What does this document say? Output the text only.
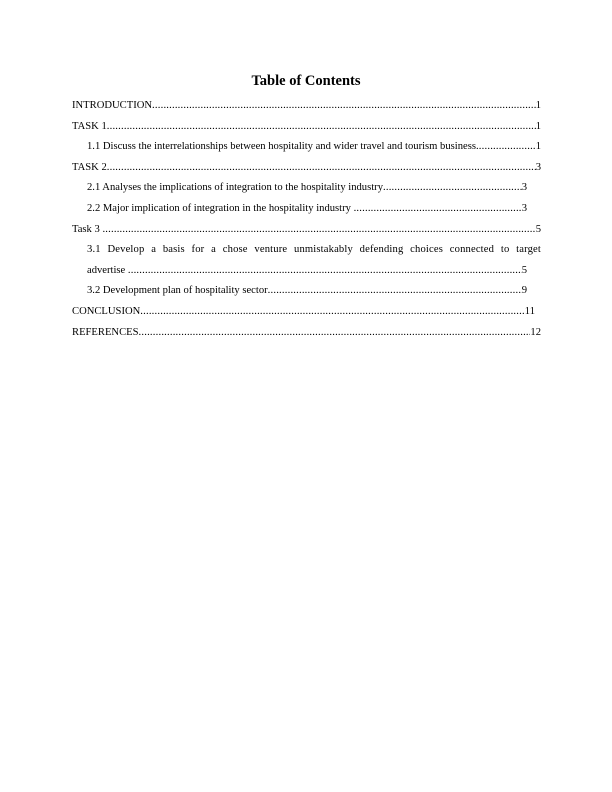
Table of Contents
INTRODUCTION .....	1
TASK 1 .....	1
1.1 Discuss the interrelationships between hospitality and wider travel and tourism business .....	1
TASK 2 .....	3
2.1 Analyses the implications of integration to the hospitality industry .....	3
2.2 Major implication of integration in the hospitality industry .....	3
Task 3 .....	5
3.1 Develop a basis for a chose venture unmistakably defending choices connected to target
advertise .....	5
3.2 Development plan of hospitality sector .....	9
CONCLUSION .....	11
REFERENCES .....	12
